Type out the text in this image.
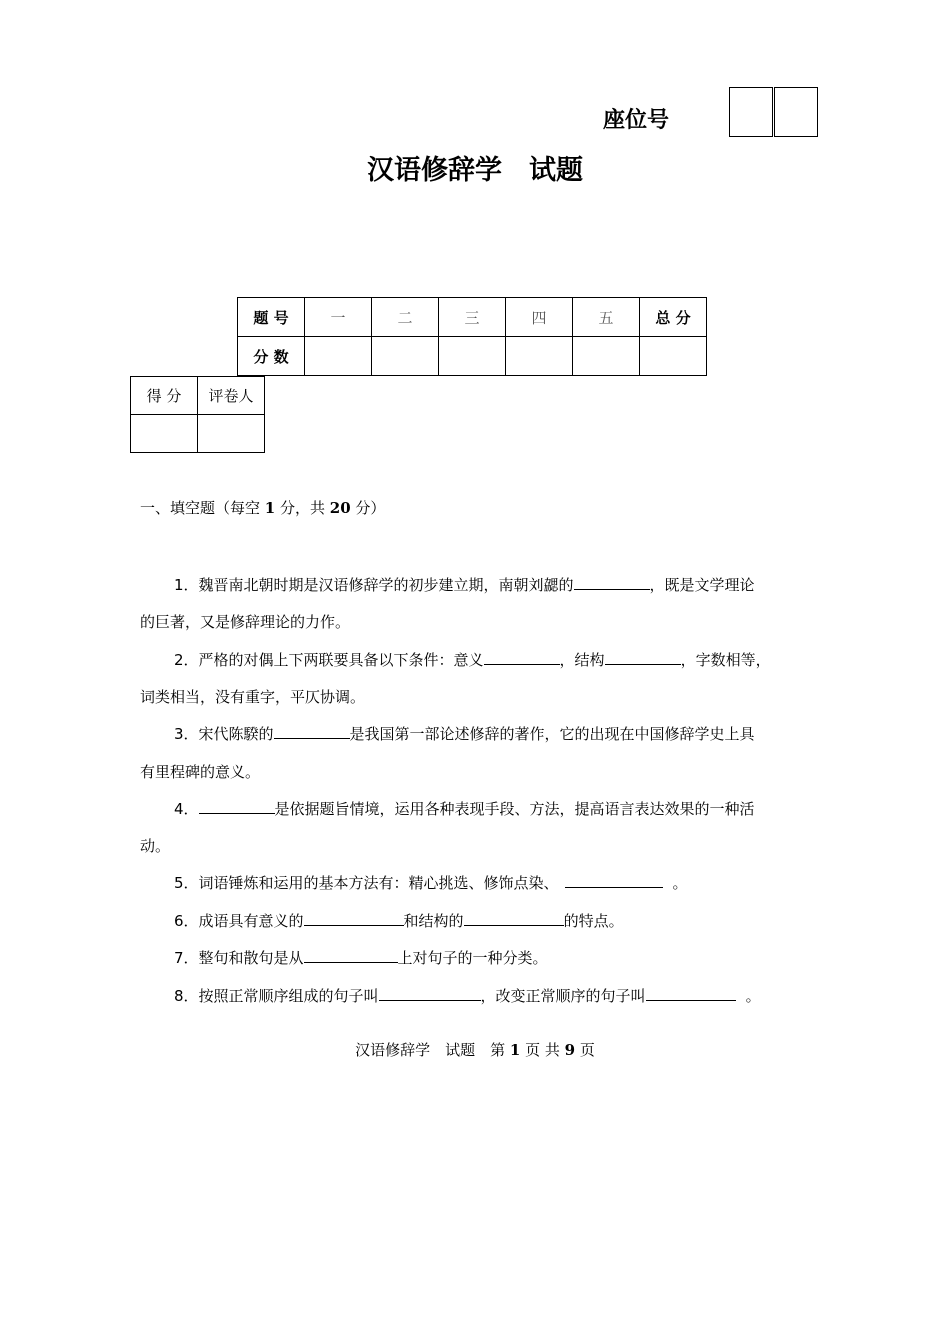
座位号
汉语修辞学　试题
题 号	一	二	三	四	五	总 分
分 数						
得 分	评卷人

一、填空题（每空 1 分，共 20 分）
1．魏晋南北朝时期是汉语修辞学的初步建立期，南朝刘勰的	，既是文学理论
的巨著，又是修辞理论的力作。
2．严格的对偶上下两联要具备以下条件：意义	，结构	，字数相等，
词类相当，没有重字，平仄协调。
3．宋代陈騤的	是我国第一部论述修辞的著作，它的出现在中国修辞学史上具
有里程碑的意义。
4．	是依据题旨情境，运用各种表现手段、方法，提高语言表达效果的一种活
动。
5．词语锤炼和运用的基本方法有：精心挑选、修饰点染、	。
6．成语具有意义的	和结构的	的特点。
7．整句和散句是从	上对句子的一种分类。
8．按照正常顺序组成的句子叫	，改变正常顺序的句子叫	。
汉语修辞学　试题　第 1 页 共 9 页
